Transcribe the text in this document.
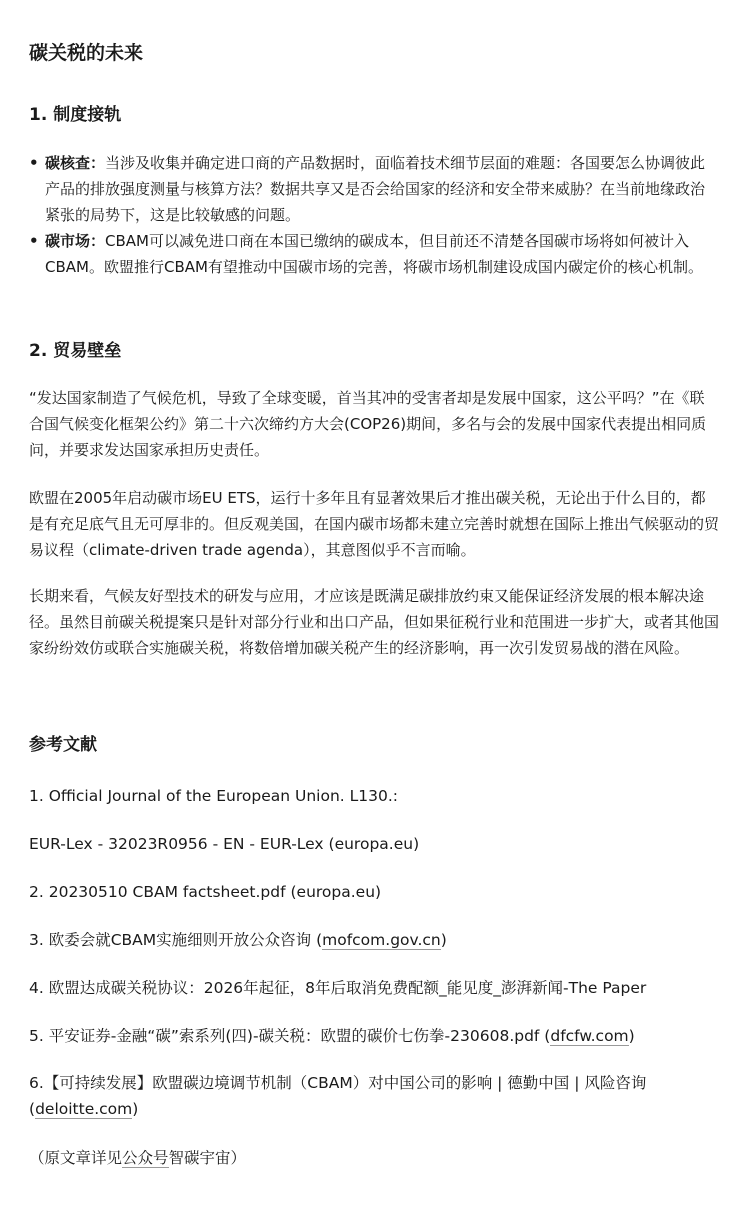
碳关税的未来
1. 制度接轨
• 碳核查：当涉及收集并确定进口商的产品数据时，面临着技术细节层面的难题：各国要怎么协调彼此产品的排放强度测量与核算方法？数据共享又是否会给国家的经济和安全带来威胁？在当前地缘政治紧张的局势下，这是比较敏感的问题。
• 碳市场：CBAM可以减免进口商在本国已缴纳的碳成本，但目前还不清楚各国碳市场将如何被计入CBAM。欧盟推行CBAM有望推动中国碳市场的完善，将碳市场机制建设成国内碳定价的核心机制。
2. 贸易壁垒

“发达国家制造了气候危机，导致了全球变暖，首当其冲的受害者却是发展中国家，这公平吗？”在《联合国气候变化框架公约》第二十六次缔约方大会(COP26)期间，多名与会的发展中国家代表提出相同质问，并要求发达国家承担历史责任。

欧盟在2005年启动碳市场EU ETS，运行十多年且有显著效果后才推出碳关税，无论出于什么目的，都是有充足底气且无可厚非的。但反观美国，在国内碳市场都未建立完善时就想在国际上推出气候驱动的贸易议程（climate-driven trade agenda），其意图似乎不言而喻。

长期来看，气候友好型技术的研发与应用，才应该是既满足碳排放约束又能保证经济发展的根本解决途径。虽然目前碳关税提案只是针对部分行业和出口产品，但如果征税行业和范围进一步扩大，或者其他国家纷纷效仿或联合实施碳关税，将数倍增加碳关税产生的经济影响，再一次引发贸易战的潜在风险。

参考文献

1. Official Journal of the European Union. L130.:

EUR-Lex - 32023R0956 - EN - EUR-Lex (europa.eu)

2. 20230510 CBAM factsheet.pdf (europa.eu)

3. 欧委会就CBAM实施细则开放公众咨询 (mofcom.gov.cn)

4. 欧盟达成碳关税协议：2026年起征，8年后取消免费配额_能见度_澎湃新闻-The Paper

5. 平安证券-金融“碳”索系列(四)-碳关税：欧盟的碳价七伤拳-230608.pdf (dfcfw.com)

6.【可持续发展】欧盟碳边境调节机制（CBAM）对中国公司的影响 | 德勤中国 | 风险咨询 (deloitte.com)

（原文章详见公众号智碳宇宙）
